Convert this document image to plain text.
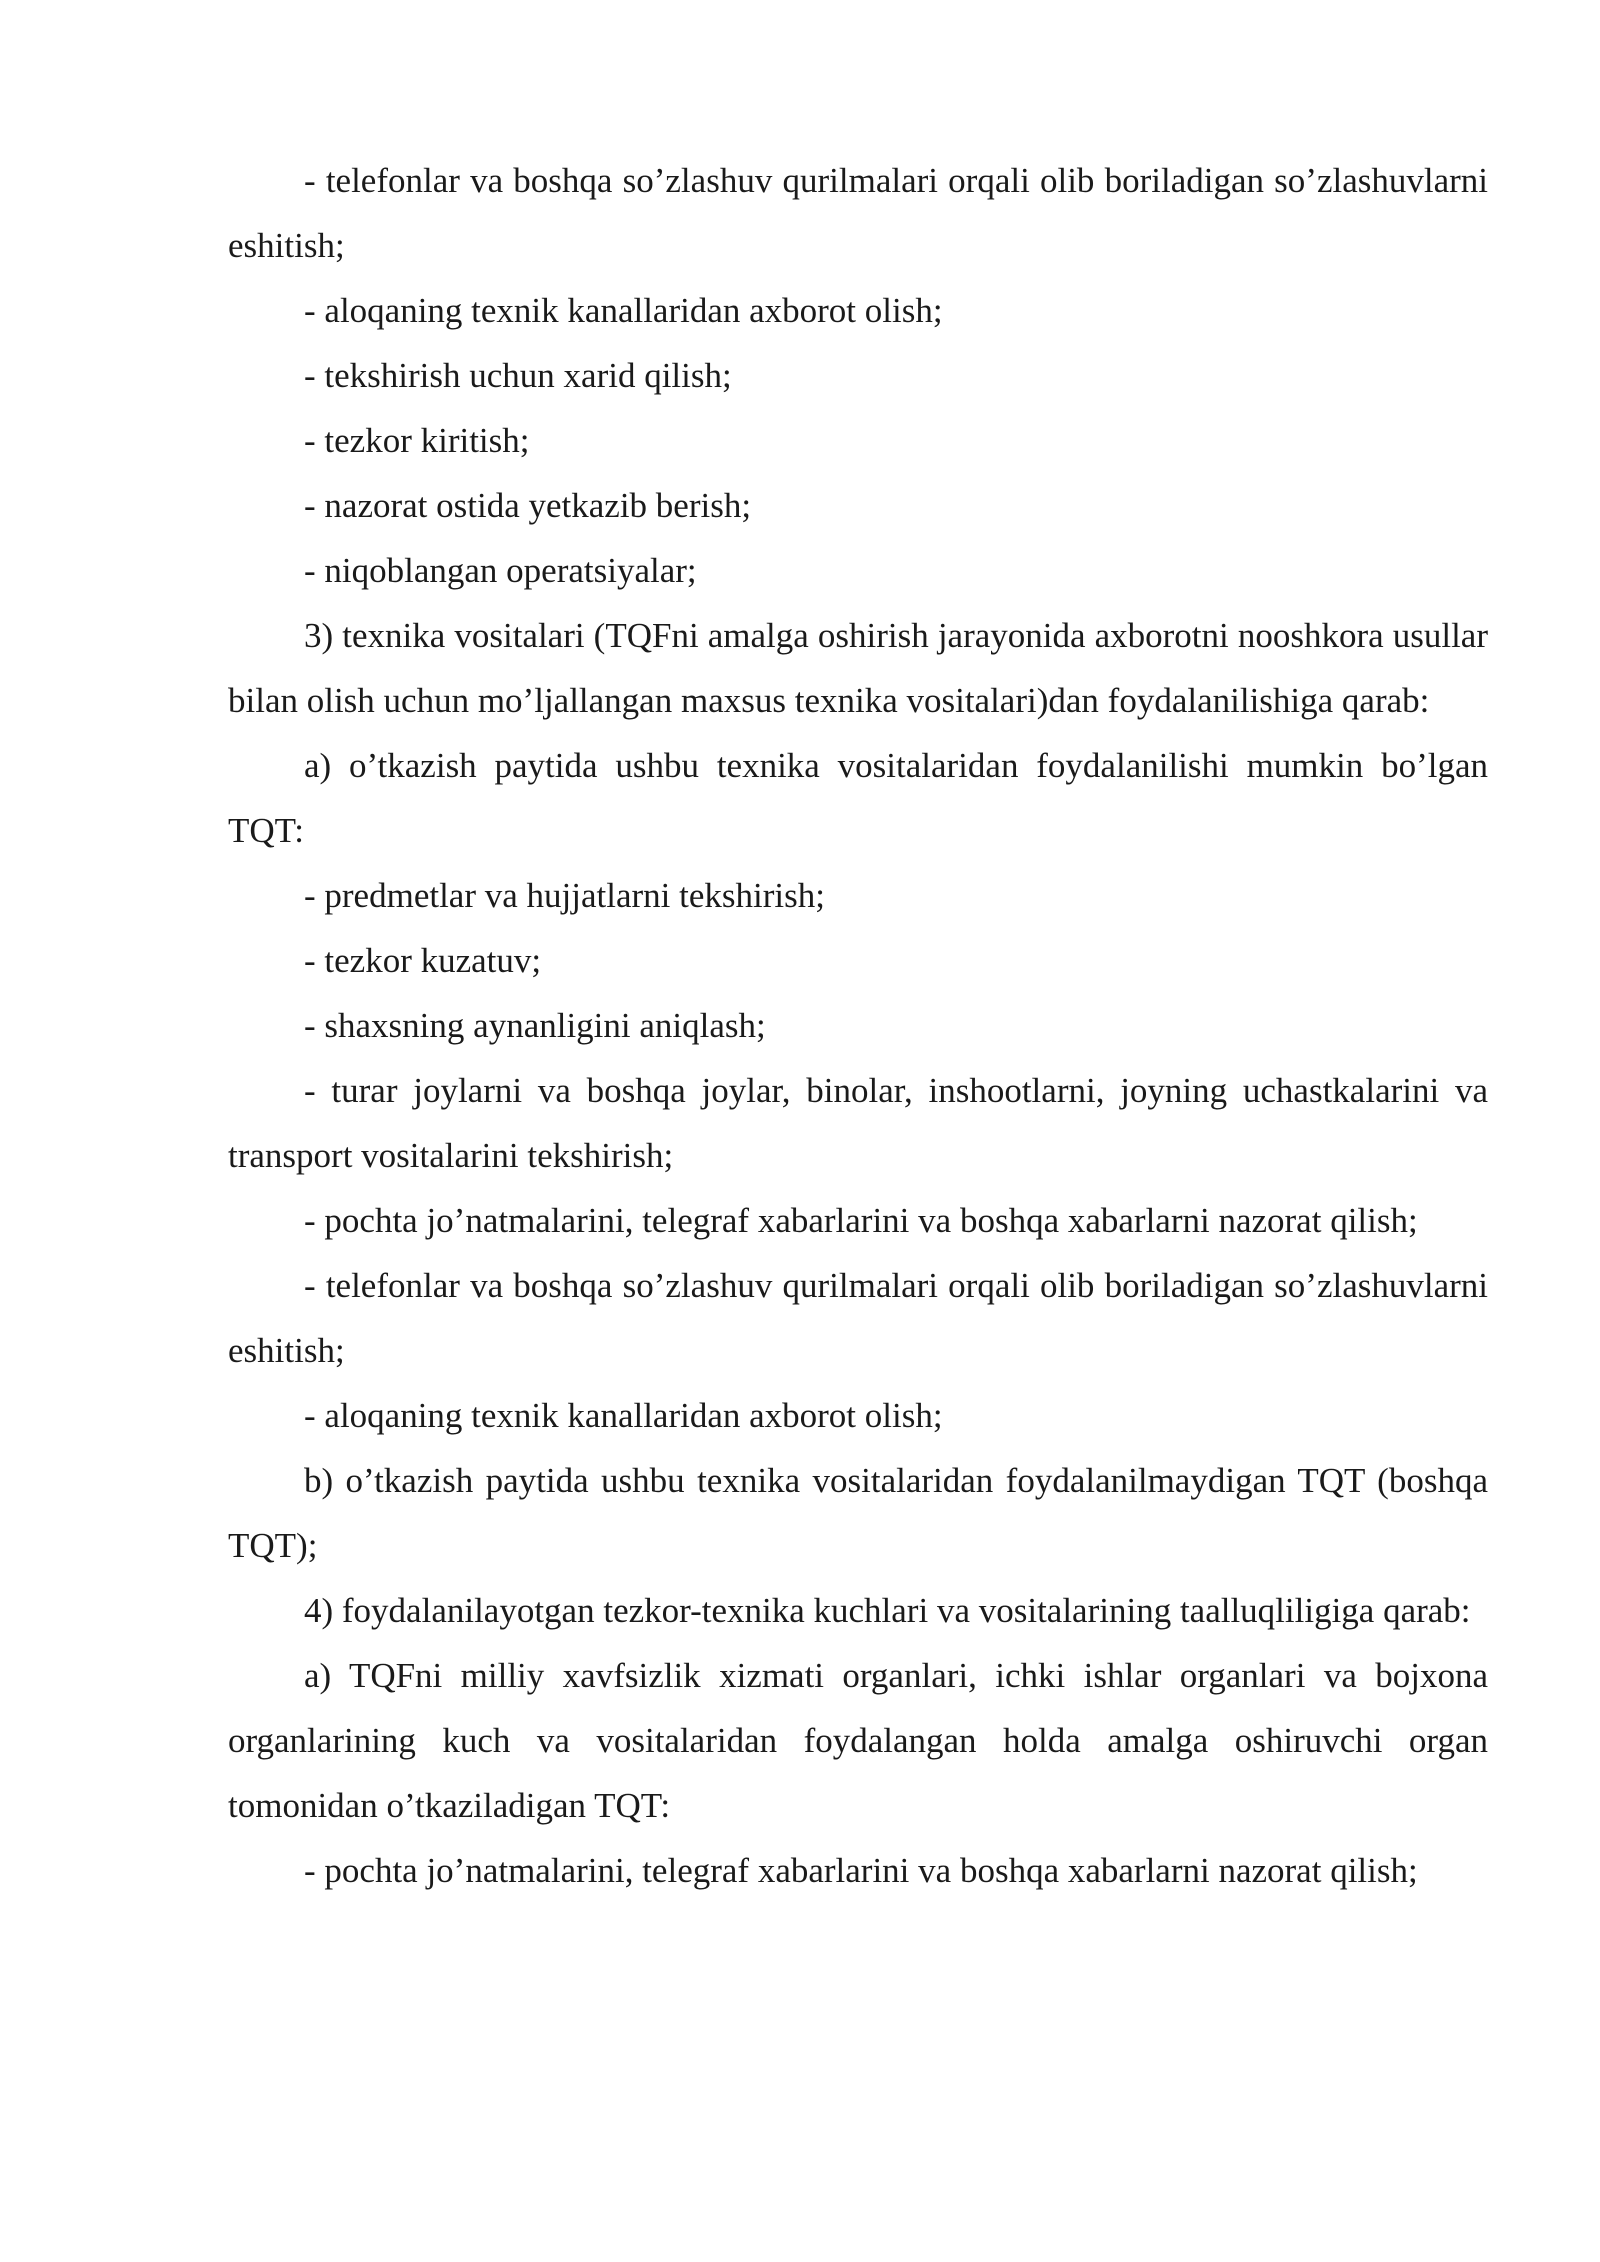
- telefonlar va boshqa so’zlashuv qurilmalari orqali olib boriladigan so’zlashuvlarni eshitish;

- aloqaning texnik kanallaridan axborot olish;

- tekshirish uchun xarid qilish;

- tezkor kiritish;

- nazorat ostida yetkazib berish;

- niqoblangan operatsiyalar;

3) texnika vositalari (TQFni amalga oshirish jarayonida axborotni nooshkora usullar bilan olish uchun mo’ljallangan maxsus texnika vositalari)dan foydalanilishiga qarab:

a) o’tkazish paytida ushbu texnika vositalaridan foydalanilishi mumkin bo’lgan TQT:

- predmetlar va hujjatlarni tekshirish;

- tezkor kuzatuv;

- shaxsning aynanligini aniqlash;

- turar joylarni va boshqa joylar, binolar, inshootlarni, joyning uchastkalarini va transport vositalarini tekshirish;

- pochta jo’natmalarini, telegraf xabarlarini va boshqa xabarlarni nazorat qilish;

- telefonlar va boshqa so’zlashuv qurilmalari orqali olib boriladigan so’zlashuvlarni eshitish;

- aloqaning texnik kanallaridan axborot olish;

b) o’tkazish paytida ushbu texnika vositalaridan foydalanilmaydigan TQT (boshqa TQT);

4) foydalanilayotgan tezkor-texnika kuchlari va vositalarining taalluqliligiga qarab:

a) TQFni milliy xavfsizlik xizmati organlari, ichki ishlar organlari va bojxona organlarining kuch va vositalaridan foydalangan holda amalga oshiruvchi organ tomonidan o’tkaziladigan TQT:

- pochta jo’natmalarini, telegraf xabarlarini va boshqa xabarlarni nazorat qilish;
